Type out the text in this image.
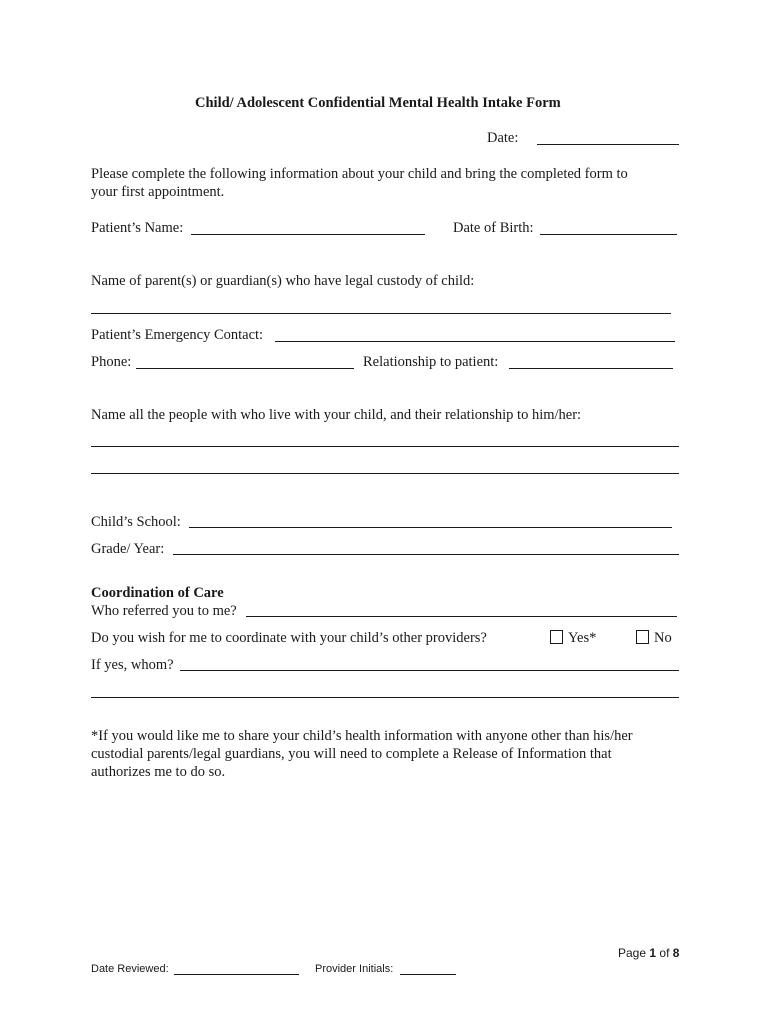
Child/ Adolescent Confidential Mental Health Intake Form
Date:
Please complete the following information about your child and bring the completed form to
your first appointment.
Patient’s Name:	Date of Birth:
Name of parent(s) or guardian(s) who have legal custody of child:
Patient’s Emergency Contact:
Phone:	Relationship to patient:
Name all the people with who live with your child, and their relationship to him/her:
Child’s School:
Grade/ Year:
Coordination of Care
Who referred you to me?
Do you wish for me to coordinate with your child’s other providers?	Yes*	No
If yes, whom?
*If you would like me to share your child’s health information with anyone other than his/her
custodial parents/legal guardians, you will need to complete a Release of Information that
authorizes me to do so.
Page 1 of 8
Date Reviewed:	Provider Initials:
